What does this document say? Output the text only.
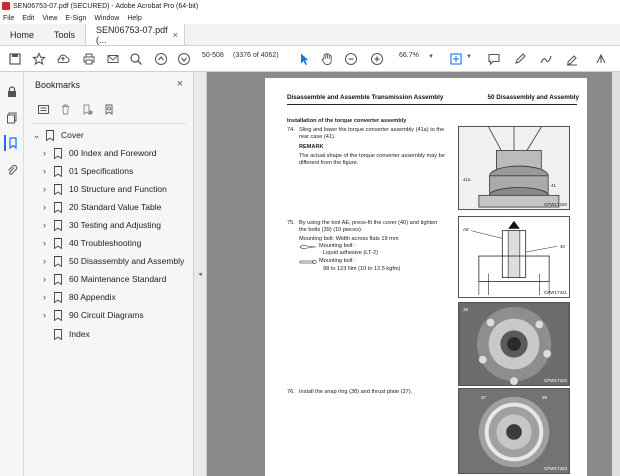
SEN06753-07.pdf (SECURED) - Adobe Acrobat Pro (64-bit)
File Edit View E-Sign Window Help
Home	Tools	SEN06753-07.pdf (...	×
50-508 (3376 of 4062)	66.7% ▼	▼
Bookmarks	×
⌄ Cover
›	00 Index and Foreword
›	01 Specifications
›	10 Structure and Function
›	20 Standard Value Table
›	30 Testing and Adjusting
›	40 Troubleshooting
›	50 Disassembly and Assembly
›	60 Maintenance Standard
›	80 Appendix
›	90 Circuit Diagrams
Index
◂
Disassemble and Assemble Transmission Assembly	50 Disassembly and Assembly
Installation of the torque converter assembly
74. Sling and lower the torque converter assembly (41a) to the
rear case (41).
REMARK
The actual shape of the torque converter assembly may be
different from the figure.
41a
41
CPW17320
75. By using the tool AE, press-fit the cover (40) and tighten
the bolts (39) (10 pieces).
Mounting bolt: Width across flats 19 mm
Mounting bolt :
Liquid adhesive (LT-2)
Mounting bolt :
98 to 123 Nm (10 to 12.5 kgfm)
AE
40
CPW17321
39
CPW17322
76. Install the snap ring (38) and thrust plate (37).
37	38
CPW17323
